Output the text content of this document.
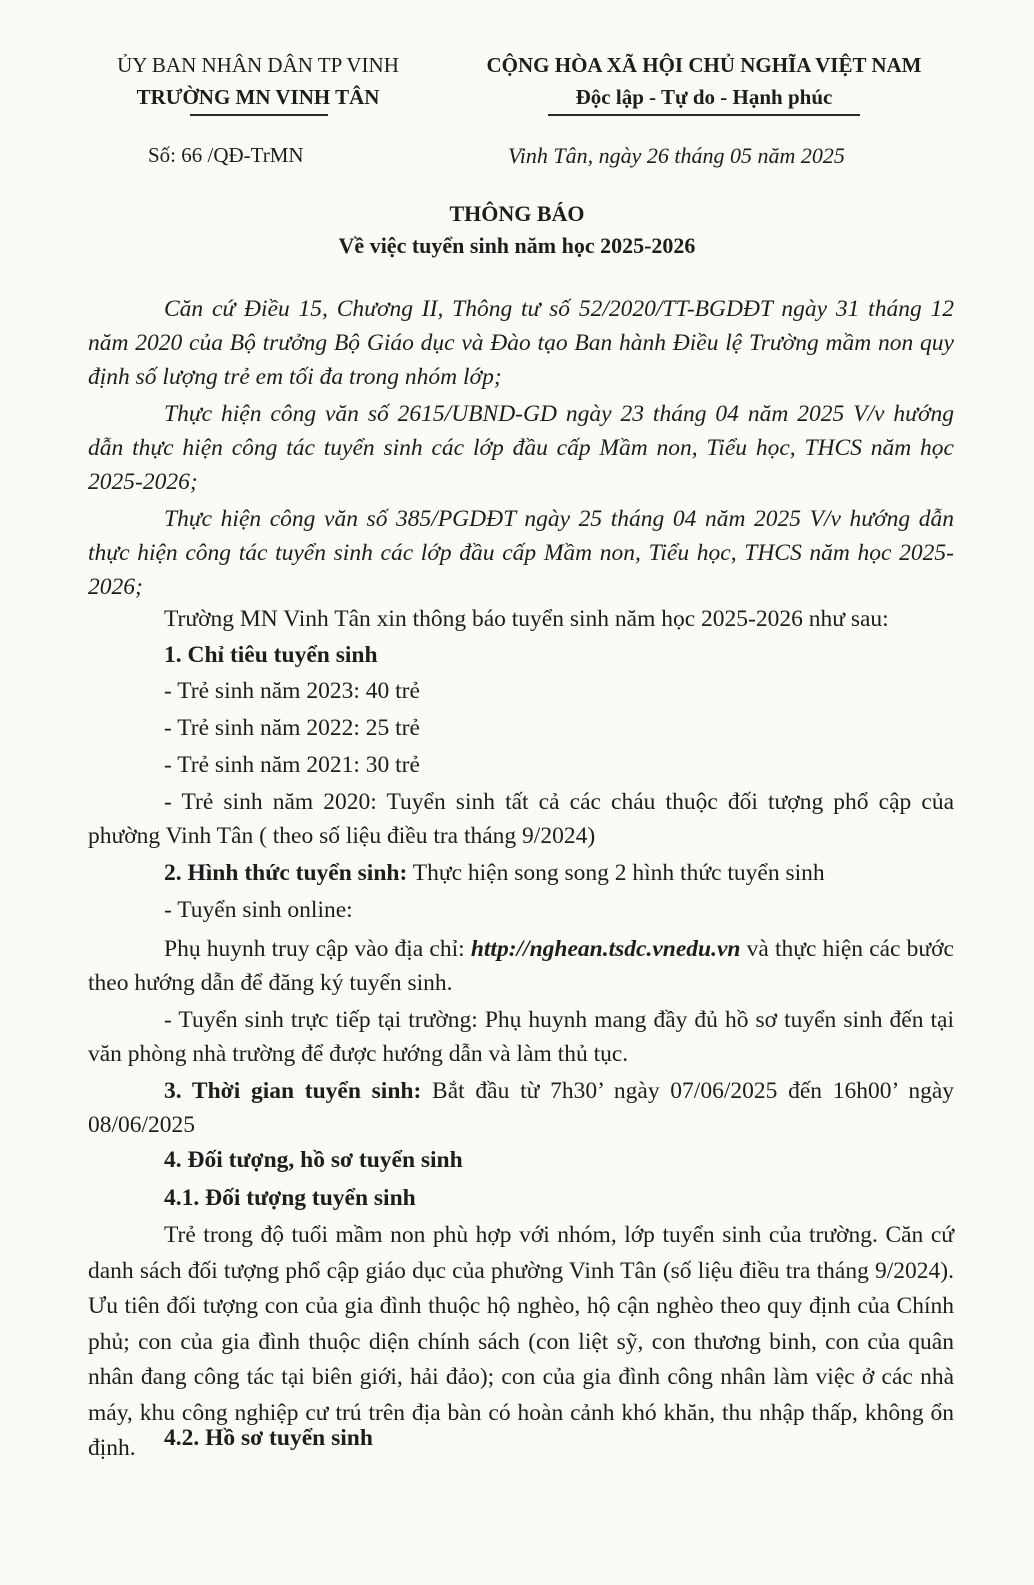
ỦY BAN NHÂN DÂN TP VINH
TRƯỜNG MN VINH TÂN
CỘNG HÒA XÃ HỘI CHỦ NGHĨA VIỆT NAM
Độc lập - Tự do - Hạnh phúc
Số: 66 /QĐ-TrMN	Vinh Tân, ngày 26 tháng 05 năm 2025
THÔNG BÁO
Về việc tuyển sinh năm học 2025-2026
Căn cứ Điều 15, Chương II, Thông tư số 52/2020/TT-BGDĐT ngày 31 tháng 12 năm 2020 của Bộ trưởng Bộ Giáo dục và Đào tạo Ban hành Điều lệ Trường mầm non quy định số lượng trẻ em tối đa trong nhóm lớp;
Thực hiện công văn số 2615/UBND-GD ngày 23 tháng 04 năm 2025 V/v hướng dẫn thực hiện công tác tuyển sinh các lớp đầu cấp Mầm non, Tiểu học, THCS năm học 2025-2026;
Thực hiện công văn số 385/PGDĐT ngày 25 tháng 04 năm 2025 V/v hướng dẫn thực hiện công tác tuyển sinh các lớp đầu cấp Mầm non, Tiểu học, THCS năm học 2025-2026;
Trường MN Vinh Tân xin thông báo tuyển sinh năm học 2025-2026 như sau:
1. Chỉ tiêu tuyển sinh
- Trẻ sinh năm 2023: 40 trẻ
- Trẻ sinh năm 2022: 25 trẻ
- Trẻ sinh năm 2021: 30 trẻ
- Trẻ sinh năm 2020: Tuyển sinh tất cả các cháu thuộc đối tượng phổ cập của phường Vinh Tân ( theo số liệu điều tra tháng 9/2024)
2. Hình thức tuyển sinh: Thực hiện song song 2 hình thức tuyển sinh
- Tuyển sinh online:
Phụ huynh truy cập vào địa chỉ: http://nghean.tsdc.vnedu.vn và thực hiện các bước theo hướng dẫn để đăng ký tuyển sinh.
- Tuyển sinh trực tiếp tại trường: Phụ huynh mang đầy đủ hồ sơ tuyển sinh đến tại văn phòng nhà trường để được hướng dẫn và làm thủ tục.
3. Thời gian tuyển sinh: Bắt đầu từ 7h30’ ngày 07/06/2025 đến 16h00’ ngày 08/06/2025
4. Đối tượng, hồ sơ tuyển sinh
4.1. Đối tượng tuyển sinh
Trẻ trong độ tuổi mầm non phù hợp với nhóm, lớp tuyển sinh của trường. Căn cứ danh sách đối tượng phổ cập giáo dục của phường Vinh Tân (số liệu điều tra tháng 9/2024). Ưu tiên đối tượng con của gia đình thuộc hộ nghèo, hộ cận nghèo theo quy định của Chính phủ; con của gia đình thuộc diện chính sách (con liệt sỹ, con thương binh, con của quân nhân đang công tác tại biên giới, hải đảo); con của gia đình công nhân làm việc ở các nhà máy, khu công nghiệp cư trú trên địa bàn có hoàn cảnh khó khăn, thu nhập thấp, không ổn định.	4.2. Hồ sơ tuyển sinh
